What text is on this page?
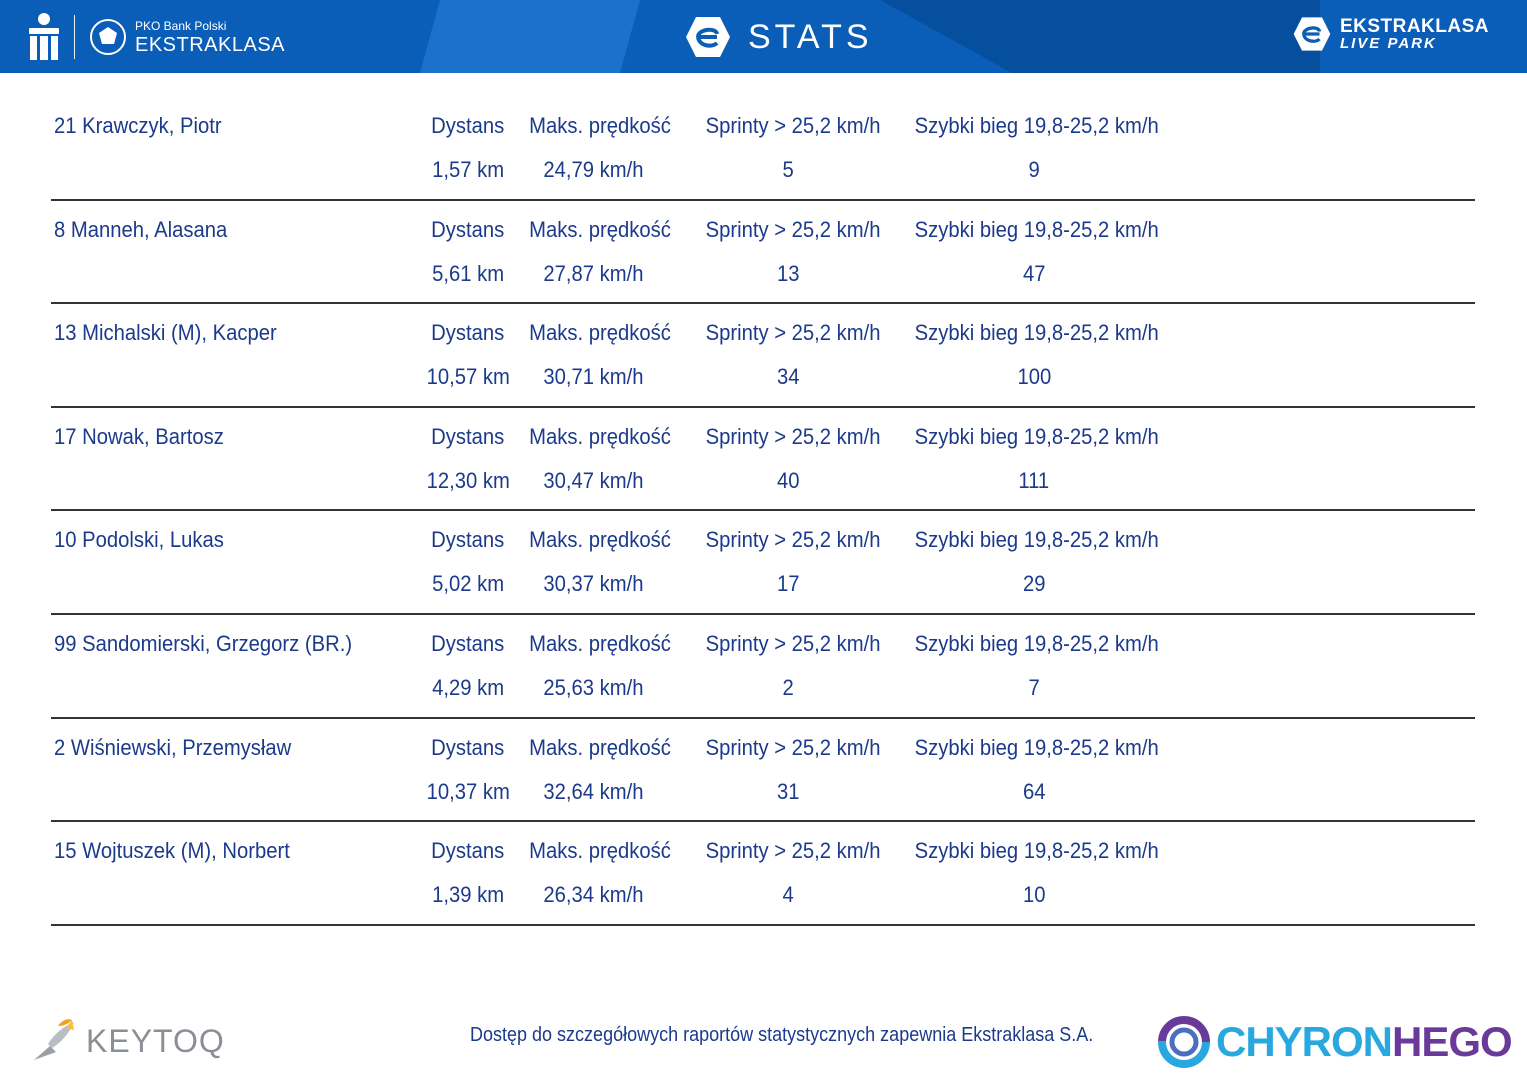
PKO Bank Polski
EKSTRAKLASA	STATS	EKSTRAKLASA
LIVE PARK
21 Krawczyk, Piotr	Dystans	Maks. prędkość	Sprinty > 25,2 km/h	Szybki bieg 19,8-25,2 km/h
1,57 km	24,79 km/h	5	9
8 Manneh, Alasana	Dystans	Maks. prędkość	Sprinty > 25,2 km/h	Szybki bieg 19,8-25,2 km/h
5,61 km	27,87 km/h	13	47
13 Michalski (M), Kacper	Dystans	Maks. prędkość	Sprinty > 25,2 km/h	Szybki bieg 19,8-25,2 km/h
10,57 km	30,71 km/h	34	100
17 Nowak, Bartosz	Dystans	Maks. prędkość	Sprinty > 25,2 km/h	Szybki bieg 19,8-25,2 km/h
12,30 km	30,47 km/h	40	111
10 Podolski, Lukas	Dystans	Maks. prędkość	Sprinty > 25,2 km/h	Szybki bieg 19,8-25,2 km/h
5,02 km	30,37 km/h	17	29
99 Sandomierski, Grzegorz (BR.)	Dystans	Maks. prędkość	Sprinty > 25,2 km/h	Szybki bieg 19,8-25,2 km/h
4,29 km	25,63 km/h	2	7
2 Wiśniewski, Przemysław	Dystans	Maks. prędkość	Sprinty > 25,2 km/h	Szybki bieg 19,8-25,2 km/h
10,37 km	32,64 km/h	31	64
15 Wojtuszek (M), Norbert	Dystans	Maks. prędkość	Sprinty > 25,2 km/h	Szybki bieg 19,8-25,2 km/h
1,39 km	26,34 km/h	4	10
KEYTOQ	Dostęp do szczegółowych raportów statystycznych zapewnia Ekstraklasa S.A.	CHYRON HEGO
